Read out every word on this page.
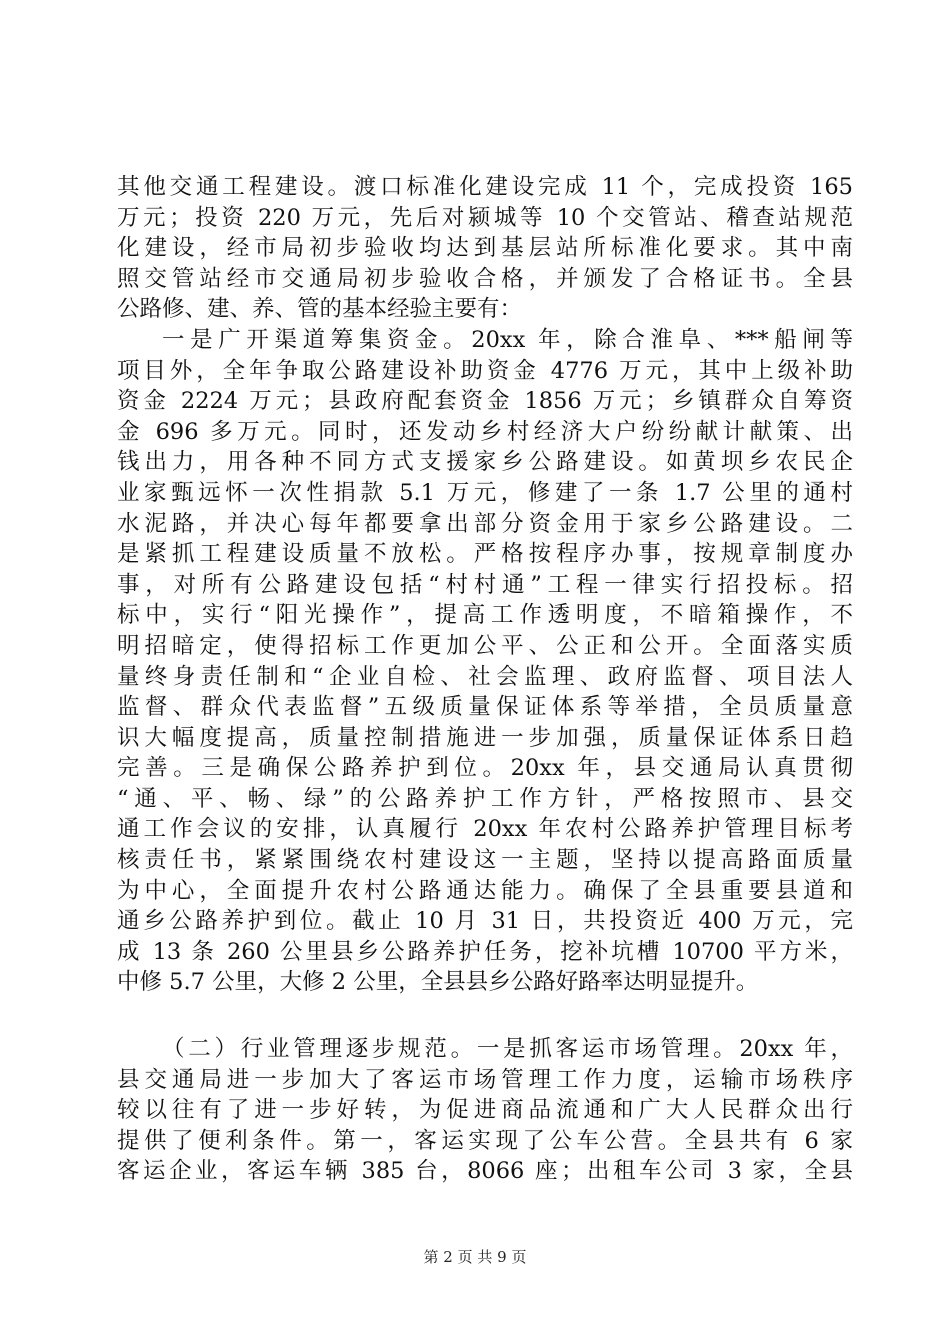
其他交通工程建设。渡口标准化建设完成 11 个，完成投资 165
万元；投资 220 万元，先后对颍城等 10 个交管站、稽查站规范
化建设，经市局初步验收均达到基层站所标准化要求。其中南
照交管站经市交通局初步验收合格，并颁发了合格证书。全县
公路修、建、养、管的基本经验主要有：
一是广开渠道筹集资金。20xx 年，除合淮阜、***船闸等
项目外，全年争取公路建设补助资金 4776 万元，其中上级补助
资金 2224 万元；县政府配套资金 1856 万元；乡镇群众自筹资
金 696 多万元。同时，还发动乡村经济大户纷纷献计献策、出
钱出力，用各种不同方式支援家乡公路建设。如黄坝乡农民企
业家甄远怀一次性捐款 5.1 万元，修建了一条 1.7 公里的通村
水泥路，并决心每年都要拿出部分资金用于家乡公路建设。二
是紧抓工程建设质量不放松。严格按程序办事，按规章制度办
事，对所有公路建设包括“村村通”工程一律实行招投标。招
标中，实行“阳光操作”，提高工作透明度，不暗箱操作，不
明招暗定，使得招标工作更加公平、公正和公开。全面落实质
量终身责任制和“企业自检、社会监理、政府监督、项目法人
监督、群众代表监督”五级质量保证体系等举措，全员质量意
识大幅度提高，质量控制措施进一步加强，质量保证体系日趋
完善。三是确保公路养护到位。20xx 年，县交通局认真贯彻
“通、平、畅、绿”的公路养护工作方针，严格按照市、县交
通工作会议的安排，认真履行 20xx 年农村公路养护管理目标考
核责任书，紧紧围绕农村建设这一主题，坚持以提高路面质量
为中心，全面提升农村公路通达能力。确保了全县重要县道和
通乡公路养护到位。截止 10 月 31 日，共投资近 400 万元，完
成 13 条 260 公里县乡公路养护任务，挖补坑槽 10700 平方米，
中修 5.7 公里，大修 2 公里，全县县乡公路好路率达明显提升。
（二）行业管理逐步规范。一是抓客运市场管理。20xx 年，
县交通局进一步加大了客运市场管理工作力度，运输市场秩序
较以往有了进一步好转，为促进商品流通和广大人民群众出行
提供了便利条件。第一，客运实现了公车公营。全县共有 6 家
客运企业，客运车辆 385 台，8066 座；出租车公司 3 家，全县
第 2 页 共 9 页
